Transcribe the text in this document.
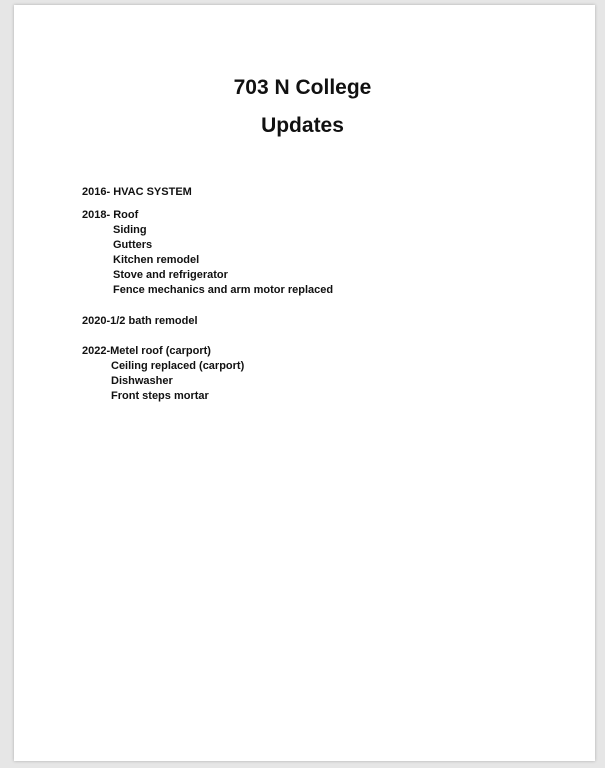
703 N College
Updates
2016- HVAC SYSTEM
2018- Roof
Siding
Gutters
Kitchen remodel
Stove and refrigerator
Fence mechanics and arm motor replaced
2020-1/2 bath remodel
2022-Metel roof (carport)
Ceiling replaced (carport)
Dishwasher
Front steps mortar
